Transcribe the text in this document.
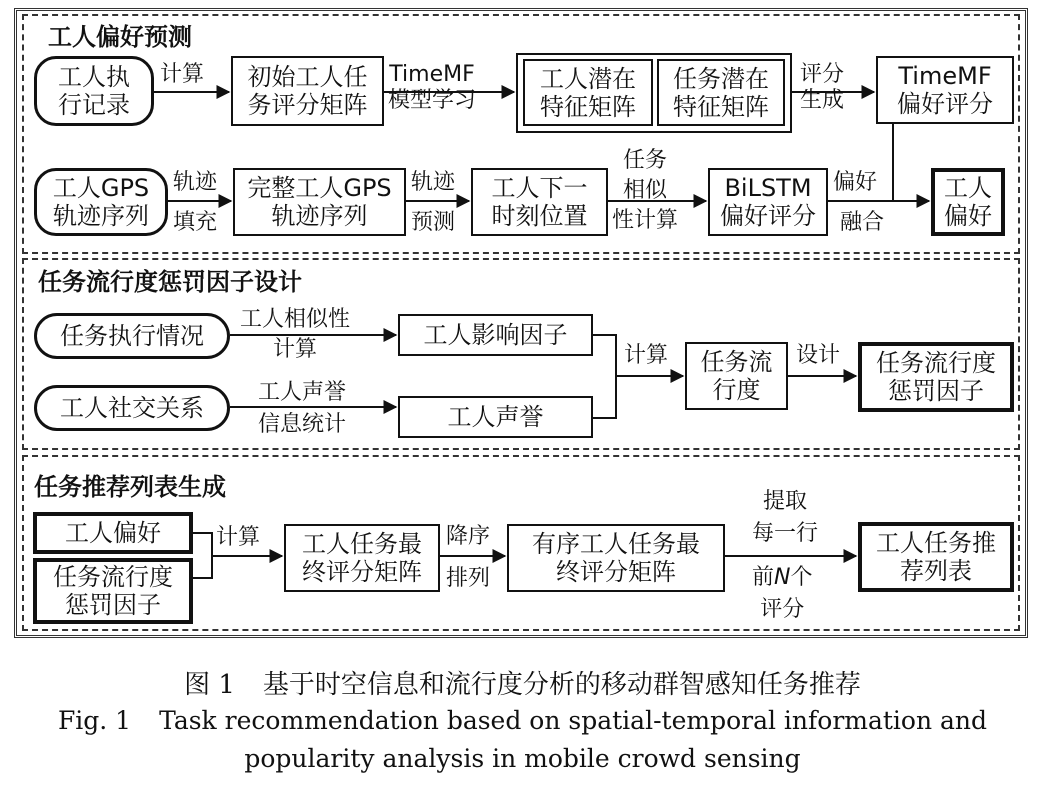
工人偏好预测
工人执
行记录
计算 初始工人任
务评分矩阵
TimeMF
模型学习
工人潜在
特征矩阵
任务潜在
特征矩阵
评分
生成
TimeMF
偏好评分
工人GPS
轨迹序列
轨迹
填充
完整工人GPS
轨迹序列
轨迹
预测
工人下一
时刻位置
任务
相似
性计算
BiLSTM
偏好评分
偏好
融合
工人
偏好
任务流行度惩罚因子设计
任务执行情况
工人相似性
计算
工人影响因子
工人社交关系
工人声誉
信息统计	工人声誉
计算 任务流
行度
设计 任务流行度
惩罚因子
任务推荐列表生成
工人偏好
任务流行度
惩罚因子
计算 工人任务最
终评分矩阵
降序
排列
有序工人任务最
终评分矩阵
提取
每一行
前N个
评分
工人任务推
荐列表
图 1 基于时空信息和流行度分析的移动群智感知任务推荐
Fig. 1 Task recommendation based on spatial-temporal information and
popularity analysis in mobile crowd sensing
